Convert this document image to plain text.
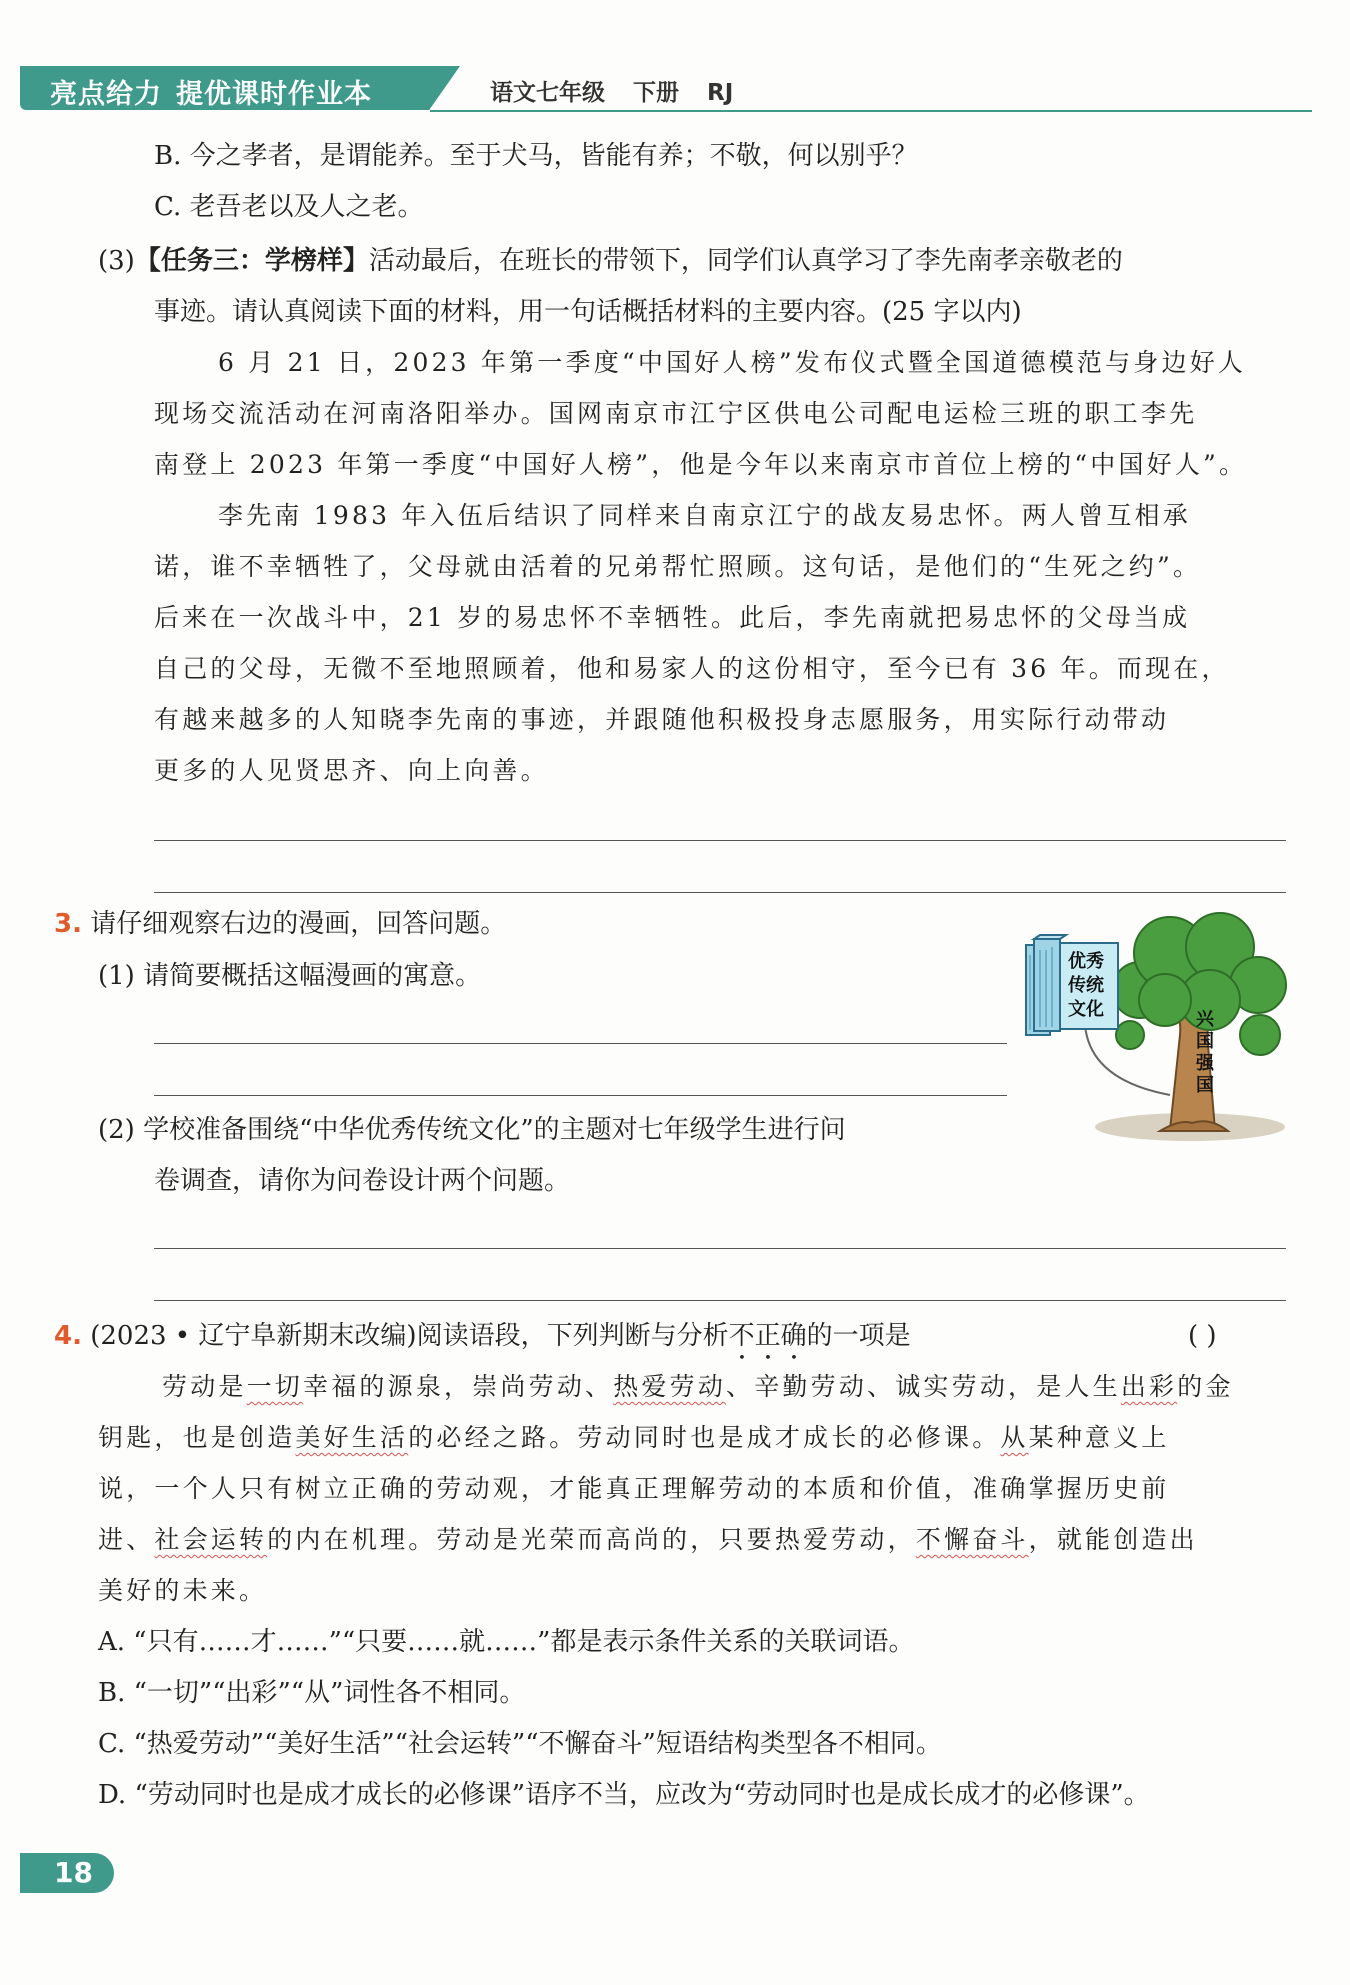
亮点给力 提优课时作业本	语文七年级 下册 RJ
B. 今之孝者，是谓能养。至于犬马，皆能有养；不敬，何以别乎？
C. 老吾老以及人之老。
(3)【任务三：学榜样】活动最后，在班长的带领下，同学们认真学习了李先南孝亲敬老的
事迹。请认真阅读下面的材料，用一句话概括材料的主要内容。(25 字以内)
6 月 21 日，2023 年第一季度“中国好人榜”发布仪式暨全国道德模范与身边好人
现场交流活动在河南洛阳举办。国网南京市江宁区供电公司配电运检三班的职工李先
南登上 2023 年第一季度“中国好人榜”，他是今年以来南京市首位上榜的“中国好人”。
李先南 1983 年入伍后结识了同样来自南京江宁的战友易忠怀。两人曾互相承
诺，谁不幸牺牲了，父母就由活着的兄弟帮忙照顾。这句话，是他们的“生死之约”。
后来在一次战斗中，21 岁的易忠怀不幸牺牲。此后，李先南就把易忠怀的父母当成
自己的父母，无微不至地照顾着，他和易家人的这份相守，至今已有 36 年。而现在，
有越来越多的人知晓李先南的事迹，并跟随他积极投身志愿服务，用实际行动带动
更多的人见贤思齐、向上向善。
3. 请仔细观察右边的漫画，回答问题。
(1) 请简要概括这幅漫画的寓意。
(2) 学校准备围绕“中华优秀传统文化”的主题对七年级学生进行问
卷调查，请你为问卷设计两个问题。
兴
国
强
国
优秀
传统
文化
4. (2023 • 辽宁阜新期末改编)阅读语段，下列判断与分析不正确的一项是	( )
劳动是一切幸福的源泉，崇尚劳动、热爱劳动、辛勤劳动、诚实劳动，是人生出彩的金
钥匙，也是创造美好生活的必经之路。劳动同时也是成才成长的必修课。从某种意义上
说，一个人只有树立正确的劳动观，才能真正理解劳动的本质和价值，准确掌握历史前
进、社会运转的内在机理。劳动是光荣而高尚的，只要热爱劳动，不懈奋斗，就能创造出
美好的未来。
A. “只有……才……”“只要……就……”都是表示条件关系的关联词语。
B. “一切”“出彩”“从”词性各不相同。
C. “热爱劳动”“美好生活”“社会运转”“不懈奋斗”短语结构类型各不相同。
D. “劳动同时也是成才成长的必修课”语序不当，应改为“劳动同时也是成长成才的必修课”。
18
